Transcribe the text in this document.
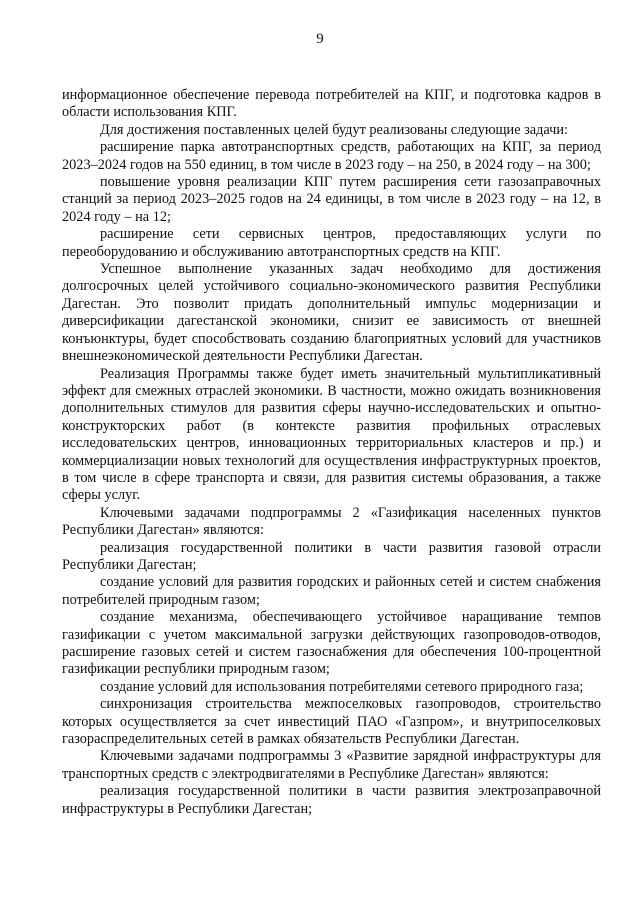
9

информационное обеспечение перевода потребителей на КПГ, и подготовка кадров в области использования КПГ.

Для достижения поставленных целей будут реализованы следующие задачи:

расширение парка автотранспортных средств, работающих на КПГ, за период 2023–2024 годов на 550 единиц, в том числе в 2023 году – на 250, в 2024 году – на 300;

повышение уровня реализации КПГ путем расширения сети газозаправочных станций за период 2023–2025 годов на 24 единицы, в том числе в 2023 году – на 12, в 2024 году – на 12;

расширение сети сервисных центров, предоставляющих услуги по переоборудованию и обслуживанию автотранспортных средств на КПГ.

Успешное выполнение указанных задач необходимо для достижения долгосрочных целей устойчивого социально-экономического развития Республики Дагестан. Это позволит придать дополнительный импульс модернизации и диверсификации дагестанской экономики, снизит ее зависимость от внешней конъюнктуры, будет способствовать созданию благоприятных условий для участников внешнеэкономической деятельности Республики Дагестан.

Реализация Программы также будет иметь значительный мультипликативный эффект для смежных отраслей экономики. В частности, можно ожидать возникновения дополнительных стимулов для развития сферы научно-исследовательских и опытно-конструкторских работ (в контексте развития профильных отраслевых исследовательских центров, инновационных территориальных кластеров и пр.) и коммерциализации новых технологий для осуществления инфраструктурных проектов, в том числе в сфере транспорта и связи, для развития системы образования, а также сферы услуг.

Ключевыми задачами подпрограммы 2 «Газификация населенных пунктов Республики Дагестан» являются:

реализация государственной политики в части развития газовой отрасли Республики Дагестан;

создание условий для развития городских и районных сетей и систем снабжения потребителей природным газом;

создание механизма, обеспечивающего устойчивое наращивание темпов газификации с учетом максимальной загрузки действующих газопроводов-отводов, расширение газовых сетей и систем газоснабжения для обеспечения 100-процентной газификации республики природным газом;

создание условий для использования потребителями сетевого природного газа;

синхронизация строительства межпоселковых газопроводов, строительство которых осуществляется за счет инвестиций ПАО «Газпром», и внутрипоселковых газораспределительных сетей в рамках обязательств Республики Дагестан.

Ключевыми задачами подпрограммы 3 «Развитие зарядной инфраструктуры для транспортных средств с электродвигателями в Республике Дагестан» являются:

реализация государственной политики в части развития электрозаправочной инфраструктуры в Республики Дагестан;
